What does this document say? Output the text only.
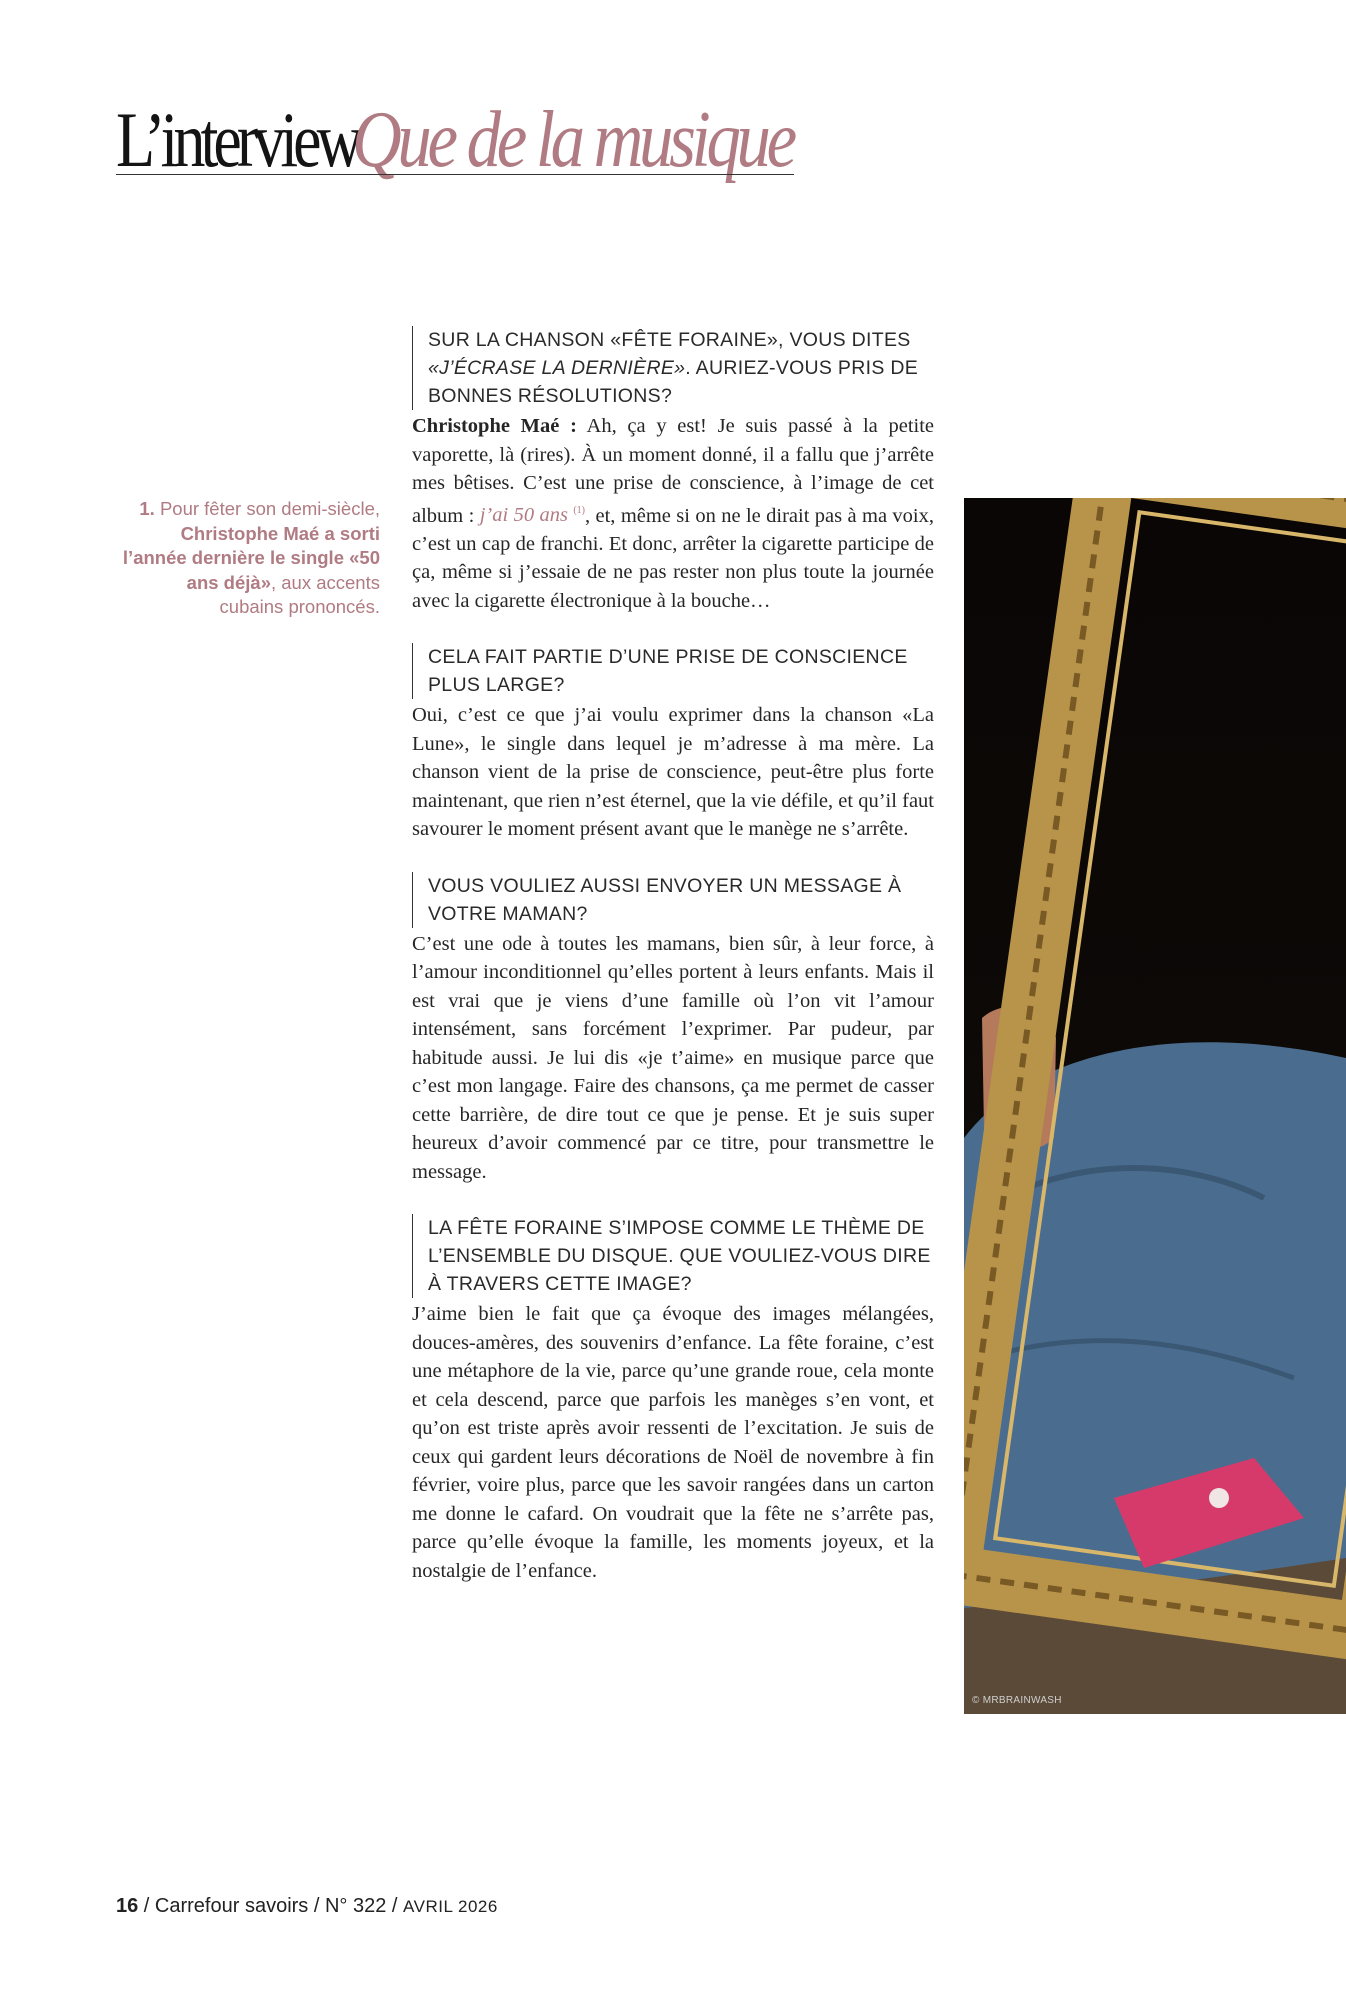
L’interview
Que de la musique
1. Pour fêter son demi-siècle, Christophe Maé a sorti l’année dernière le single «50 ans déjà», aux accents cubains prononcés.

SUR LA CHANSON «FÊTE FORAINE», VOUS DITES «J’ÉCRASE LA DERNIÈRE». AURIEZ-VOUS PRIS DE BONNES RÉSOLUTIONS?

Christophe Maé : Ah, ça y est! Je suis passé à la petite vaporette, là (rires). À un moment donné, il a fallu que j’arrête mes bêtises. C’est une prise de conscience, à l’image de cet album : j’ai 50 ans $^{(1)}$, et, même si on ne le dirait pas à ma voix, c’est un cap de franchi. Et donc, arrêter la cigarette participe de ça, même si j’essaie de ne pas rester non plus toute la journée avec la cigarette électronique à la bouche…

CELA FAIT PARTIE D’UNE PRISE DE CONSCIENCE PLUS LARGE?

Oui, c’est ce que j’ai voulu exprimer dans la chanson «La Lune», le single dans lequel je m’adresse à ma mère. La chanson vient de la prise de conscience, peut-être plus forte maintenant, que rien n’est éternel, que la vie défile, et qu’il faut savourer le moment présent avant que le manège ne s’arrête.

VOUS VOULIEZ AUSSI ENVOYER UN MESSAGE À VOTRE MAMAN?

C’est une ode à toutes les mamans, bien sûr, à leur force, à l’amour inconditionnel qu’elles portent à leurs enfants. Mais il est vrai que je viens d’une famille où l’on vit l’amour intensément, sans forcément l’exprimer. Par pudeur, par habitude aussi. Je lui dis «je t’aime» en musique parce que c’est mon langage. Faire des chansons, ça me permet de casser cette barrière, de dire tout ce que je pense. Et je suis super heureux d’avoir commencé par ce titre, pour transmettre le message.

LA FÊTE FORAINE S’IMPOSE COMME LE THÈME DE L’ENSEMBLE DU DISQUE. QUE VOULIEZ-VOUS DIRE À TRAVERS CETTE IMAGE?

J’aime bien le fait que ça évoque des images mélangées, douces-amères, des souvenirs d’enfance. La fête foraine, c’est une métaphore de la vie, parce qu’une grande roue, cela monte et cela descend, parce que parfois les manèges s’en vont, et qu’on est triste après avoir ressenti de l’excitation. Je suis de ceux qui gardent leurs décorations de Noël de novembre à fin février, voire plus, parce que les savoir rangées dans un carton me donne le cafard. On voudrait que la fête ne s’arrête pas, parce qu’elle évoque la famille, les moments joyeux, et la nostalgie de l’enfance.

© MRBRAINWASH
16 / Carrefour savoirs / N° 322 / AVRIL 2026
